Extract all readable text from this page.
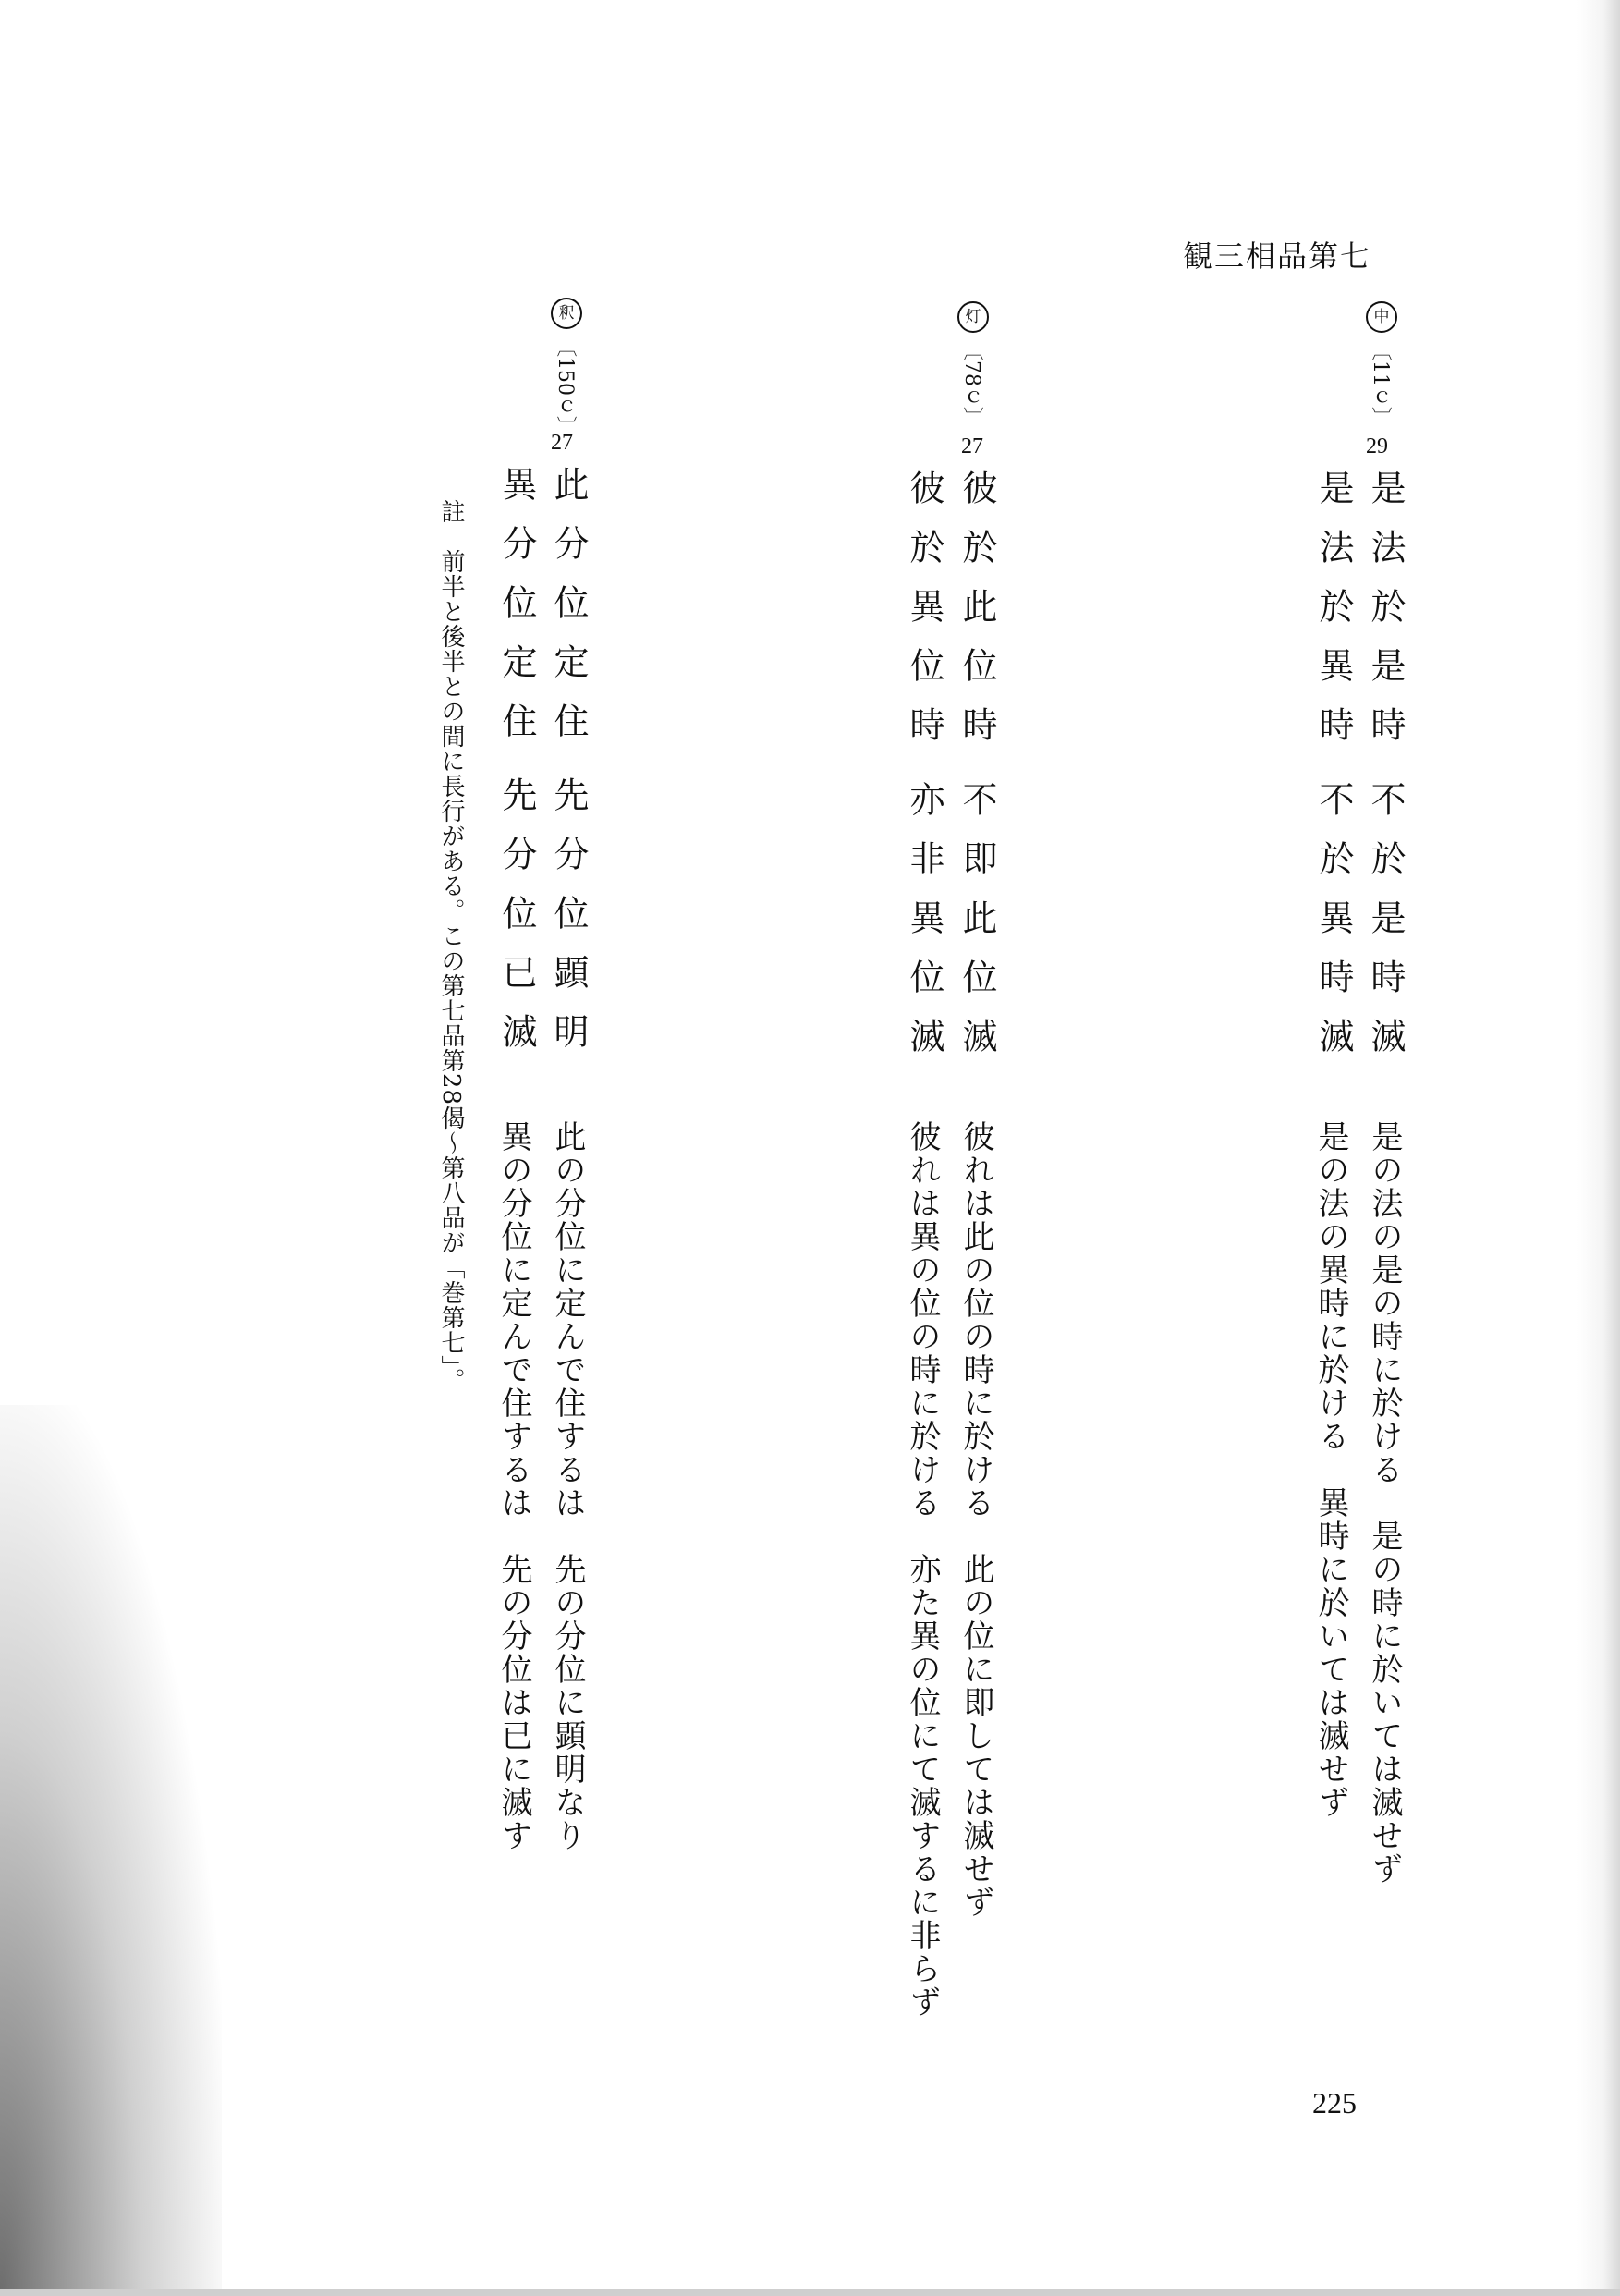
観三相品第七
中
〔11ｃ〕
29
是法於是時
不於是時滅
是法於異時
不於異時滅
是の法の是の時に於ける　是の時に於いては滅せず
是の法の異時に於ける　異時に於いては滅せず
灯
〔78ｃ〕
27
彼於此位時
不即此位滅
彼於異位時
亦非異位滅
彼れは此の位の時に於ける　此の位に即しては滅せず
彼れは異の位の時に於ける　亦た異の位にて滅するに非らず
釈
〔150ｃ〕
27
此分位定住
先分位顕明
異分位定住
先分位已滅
此の分位に定んで住するは　先の分位に顕明なり
異の分位に定んで住するは　先の分位は已に滅す
註　前半と後半との間に長行がある。この第七品第28偈～第八品が「巻第七」。
225
